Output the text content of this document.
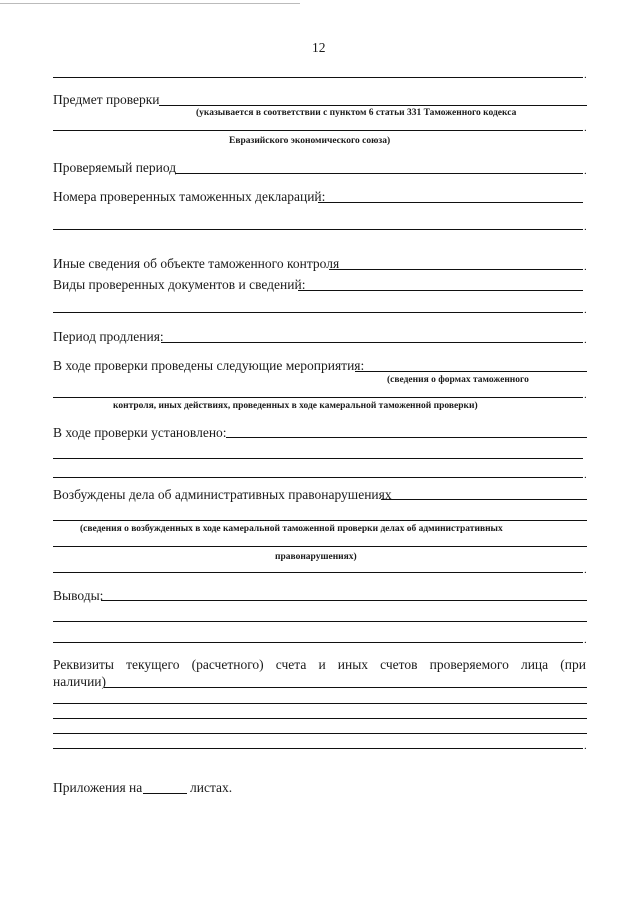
12
.
Предмет проверки
(указывается в соответствии с пунктом 6 статьи 331 Таможенного кодекса
.
Евразийского экономического союза)
Проверяемый период	.
Номера проверенных таможенных деклараций:
.
Иные сведения об объекте таможенного контроля	.
Виды проверенных документов и сведений:
.
Период продления:	.
В ходе проверки проведены следующие мероприятия:
(сведения о формах таможенного
.
контроля, иных действиях, проведенных в ходе камеральной таможенной проверки)
В ходе проверки установлено:
.
Возбуждены дела об административных правонарушениях
(сведения о возбужденных в ходе камеральной таможенной проверки делах об административных
правонарушениях)
.
Выводы:
.
Реквизиты текущего (расчетного) счета и иных счетов проверяемого лица (при
наличии)
.
Приложения на	листах.
